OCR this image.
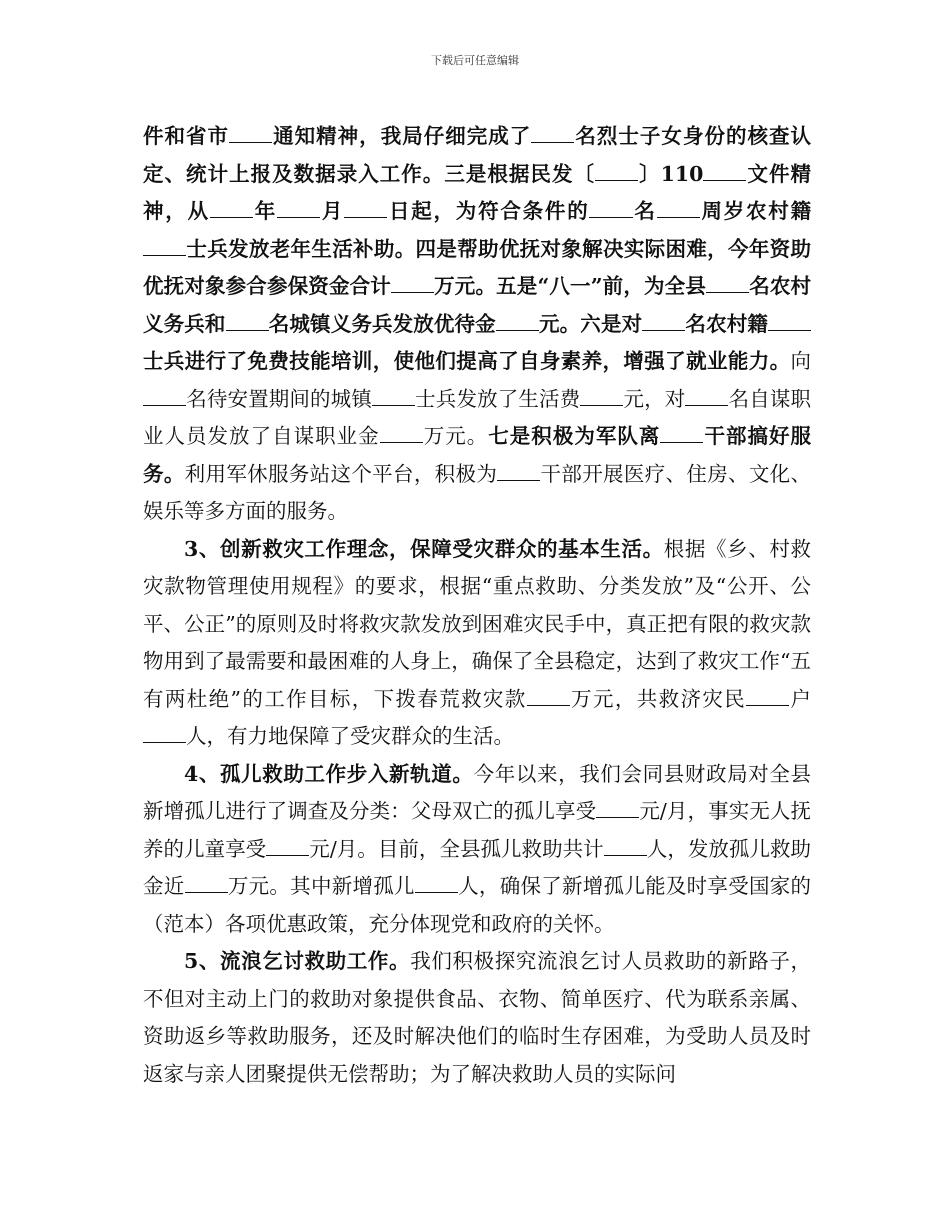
下载后可任意编辑

件和省市 通知精神，我局仔细完成了 名烈士子女身份的核查认定、统计上报及数据录入工作。三是根据民发〔 〕110 文件精神，从 年 月 日起，为符合条件的 名 周岁农村籍士兵发放老年生活补助。四是帮助优抚对象解决实际困难，今年资助优抚对象参合参保资金合计 万元。五是“八一”前，为全县 名农村义务兵和 名城镇义务兵发放优待金 元。六是对 名农村籍士兵进行了免费技能培训，使他们提高了自身素养，增强了就业能力。向名待安置期间的城镇 士兵发放了生活费 元，对 名自谋职业人员发放了自谋职业金 万元。七是积极为军队离 干部搞好服务。利用军休服务站这个平台，积极为 干部开展医疗、住房、文化、娱乐等多方面的服务。

3、创新救灾工作理念，保障受灾群众的基本生活。根据《乡、村救灾款物管理使用规程》的要求，根据“重点救助、分类发放”及“公开、公平、公正”的原则及时将救灾款发放到困难灾民手中，真正把有限的救灾款物用到了最需要和最困难的人身上，确保了全县稳定，达到了救灾工作“五有两杜绝”的工作目标，下拨春荒救灾款 万元，共救济灾民 户人，有力地保障了受灾群众的生活。

4、孤儿救助工作步入新轨道。今年以来，我们会同县财政局对全县新增孤儿进行了调查及分类：父母双亡的孤儿享受 元/月，事实无人抚养的儿童享受 元/月。目前，全县孤儿救助共计 人，发放孤儿救助金近 万元。其中新增孤儿 人，确保了新增孤儿能及时享受国家的（范本）各项优惠政策，充分体现党和政府的关怀。

5、流浪乞讨救助工作。我们积极探究流浪乞讨人员救助的新路子，不但对主动上门的救助对象提供食品、衣物、简单医疗、代为联系亲属、资助返乡等救助服务，还及时解决他们的临时生存困难，为受助人员及时返家与亲人团聚提供无偿帮助；为了解决救助人员的实际问
